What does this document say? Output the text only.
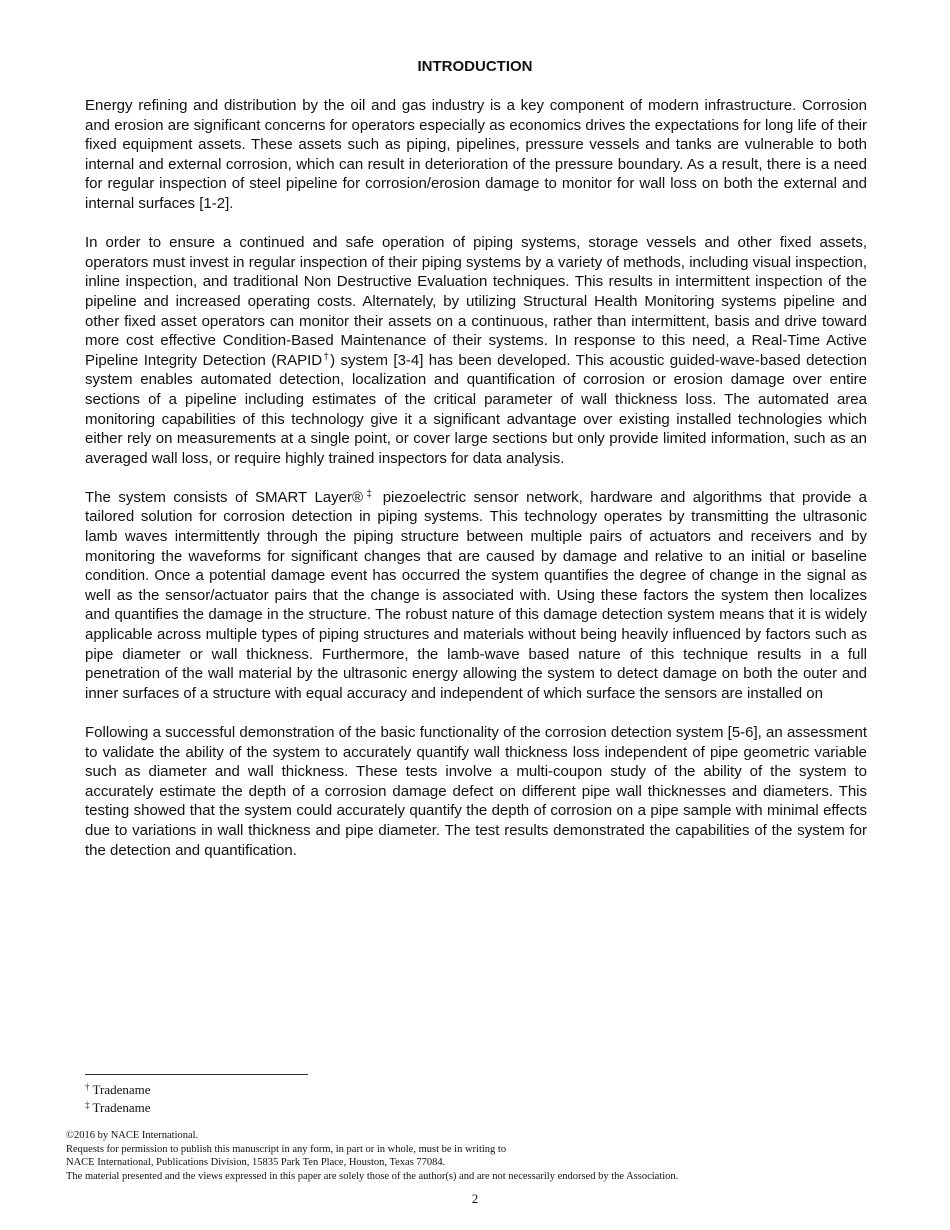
INTRODUCTION

Energy refining and distribution by the oil and gas industry is a key component of modern infrastructure. Corrosion and erosion are significant concerns for operators especially as economics drives the expectations for long life of their fixed equipment assets. These assets such as piping, pipelines, pressure vessels and tanks are vulnerable to both internal and external corrosion, which can result in deterioration of the pressure boundary. As a result, there is a need for regular inspection of steel pipeline for corrosion/erosion damage to monitor for wall loss on both the external and internal surfaces [1-2].

In order to ensure a continued and safe operation of piping systems, storage vessels and other fixed assets, operators must invest in regular inspection of their piping systems by a variety of methods, including visual inspection, inline inspection, and traditional Non Destructive Evaluation techniques. This results in intermittent inspection of the pipeline and increased operating costs. Alternately, by utilizing Structural Health Monitoring systems pipeline and other fixed asset operators can monitor their assets on a continuous, rather than intermittent, basis and drive toward more cost effective Condition-Based Maintenance of their systems. In response to this need, a Real-Time Active Pipeline Integrity Detection (RAPID†) system [3-4] has been developed. This acoustic guided-wave-based detection system enables automated detection, localization and quantification of corrosion or erosion damage over entire sections of a pipeline including estimates of the critical parameter of wall thickness loss. The automated area monitoring capabilities of this technology give it a significant advantage over existing installed technologies which either rely on measurements at a single point, or cover large sections but only provide limited information, such as an averaged wall loss, or require highly trained inspectors for data analysis.

The system consists of SMART Layer®‡ piezoelectric sensor network, hardware and algorithms that provide a tailored solution for corrosion detection in piping systems. This technology operates by transmitting the ultrasonic lamb waves intermittently through the piping structure between multiple pairs of actuators and receivers and by monitoring the waveforms for significant changes that are caused by damage and relative to an initial or baseline condition. Once a potential damage event has occurred the system quantifies the degree of change in the signal as well as the sensor/actuator pairs that the change is associated with. Using these factors the system then localizes and quantifies the damage in the structure. The robust nature of this damage detection system means that it is widely applicable across multiple types of piping structures and materials without being heavily influenced by factors such as pipe diameter or wall thickness. Furthermore, the lamb-wave based nature of this technique results in a full penetration of the wall material by the ultrasonic energy allowing the system to detect damage on both the outer and inner surfaces of a structure with equal accuracy and independent of which surface the sensors are installed on

Following a successful demonstration of the basic functionality of the corrosion detection system [5-6], an assessment to validate the ability of the system to accurately quantify wall thickness loss independent of pipe geometric variable such as diameter and wall thickness. These tests involve a multi-coupon study of the ability of the system to accurately estimate the depth of a corrosion damage defect on different pipe wall thicknesses and diameters. This testing showed that the system could accurately quantify the depth of corrosion on a pipe sample with minimal effects due to variations in wall thickness and pipe diameter. The test results demonstrated the capabilities of the system for the detection and quantification.

† Tradename
‡ Tradename
©2016 by NACE International.
Requests for permission to publish this manuscript in any form, in part or in whole, must be in writing to
NACE International, Publications Division, 15835 Park Ten Place, Houston, Texas 77084.
The material presented and the views expressed in this paper are solely those of the author(s) and are not necessarily endorsed by the Association.
2
